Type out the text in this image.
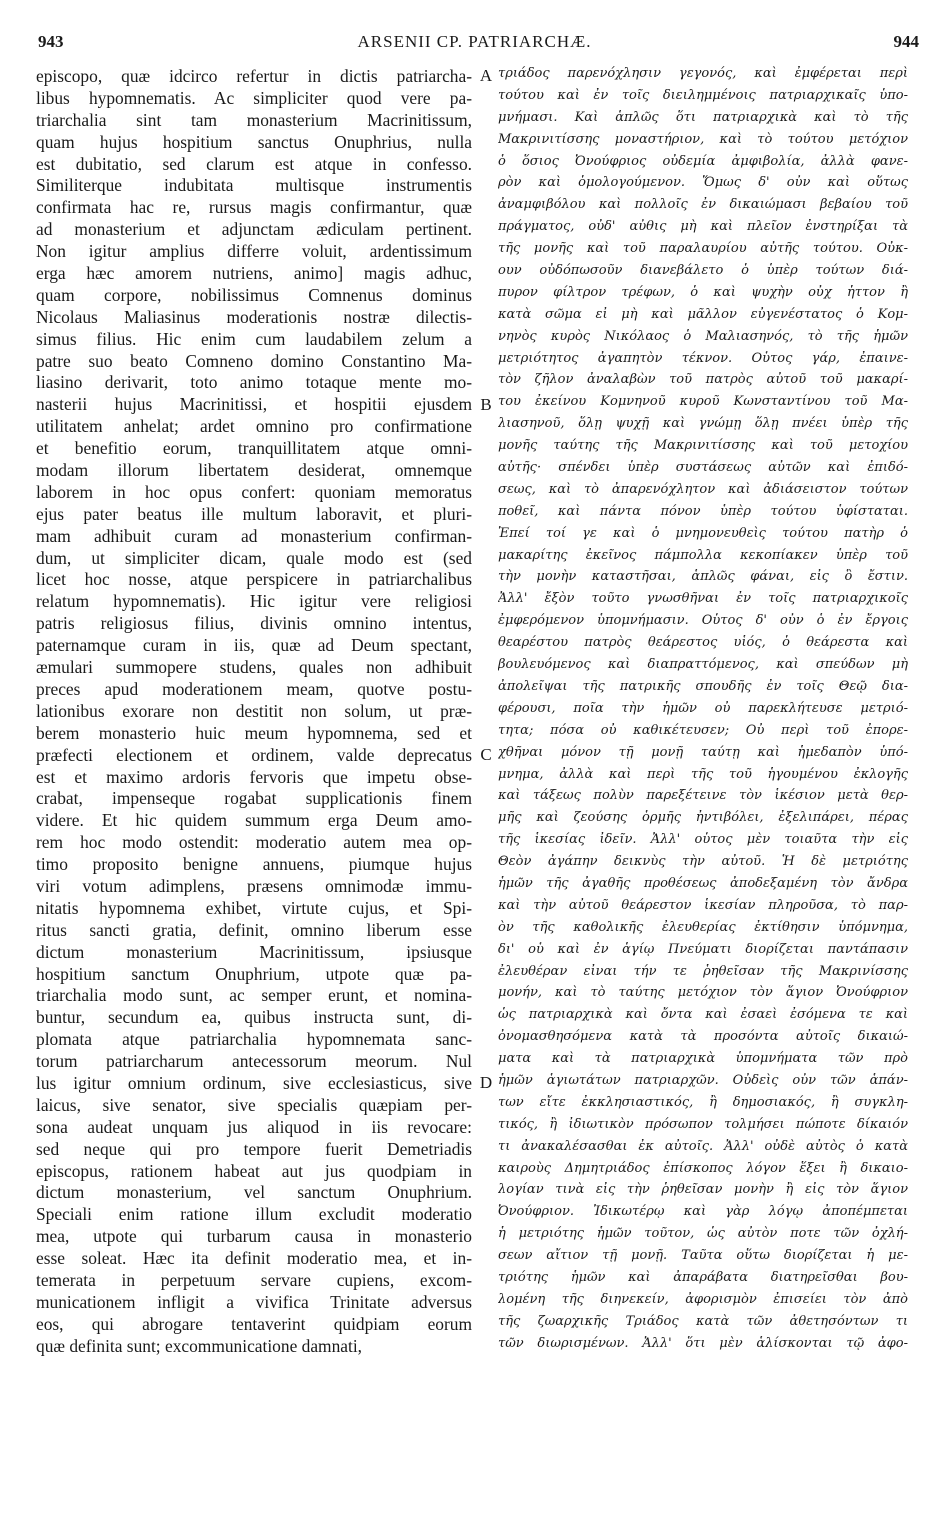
943	ARSENII CP. PATRIARCHÆ.	944
episcopo, quæ idcirco refertur in dictis patriarcha-
libus hypomnematis. Ac simpliciter quod vere pa-
triarchalia sint tam monasterium Macrinitissum,
quam hujus hospitium sanctus Onuphrius, nulla
est dubitatio, sed clarum est atque in confesso.
Similiterque indubitata multisque instrumentis
confirmata hac re, rursus magis confirmantur, quæ
ad monasterium et adjunctam ædiculam pertinent.
Non igitur amplius differre voluit, ardentissimum
erga hæc amorem nutriens, animo] magis adhuc,
quam corpore, nobilissimus Comnenus dominus
Nicolaus Maliasinus moderationis nostræ dilectis-
simus filius. Hic enim cum laudabilem zelum a
patre suo beato Comneno domino Constantino Ma-
liasino derivarit, toto animo totaque mente mo-
nasterii hujus Macrinitissi, et hospitii ejusdem
utilitatem anhelat; ardet omnino pro confirmatione
et benefitio eorum, tranquillitatem atque omni-
modam illorum libertatem desiderat, omnemque
laborem in hoc opus confert: quoniam memoratus
ejus pater beatus ille multum laboravit, et pluri-
mam adhibuit curam ad monasterium confirman-
dum, ut simpliciter dicam, quale modo est (sed
licet hoc nosse, atque perspicere in patriarchalibus
relatum hypomnematis). Hic igitur vere religiosi
patris religiosus filius, divinis omnino intentus,
paternamque curam in iis, quæ ad Deum spectant,
æmulari summopere studens, quales non adhibuit
preces apud moderationem meam, quotve postu-
lationibus exorare non destitit non solum, ut præ-
berem monasterio huic meum hypomnema, sed et
præfecti electionem et ordinem, valde deprecatus
est et maximo ardoris fervoris que impetu obse-
crabat, impenseque rogabat supplicationis finem
videre. Et hic quidem summum erga Deum amo-
rem hoc modo ostendit: moderatio autem mea op-
timo proposito benigne annuens, piumque hujus
viri votum adimplens, præsens omnimodæ immu-
nitatis hypomnema exhibet, virtute cujus, et Spi-
ritus sancti gratia, definit, omnino liberum esse
dictum monasterium Macrinitissum, ipsiusque
hospitium sanctum Onuphrium, utpote quæ pa-
triarchalia modo sunt, ac semper erunt, et nomina-
buntur, secundum ea, quibus instructa sunt, di-
plomata atque patriarchalia hypomnemata sanc-
torum patriarcharum antecessorum meorum. Nul
lus igitur omnium ordinum, sive ecclesiasticus, sive
laicus, sive senator, sive specialis quæpiam per-
sona audeat unquam jus aliquod in iis revocare:
sed neque qui pro tempore fuerit Demetriadis
episcopus, rationem habeat aut jus quodpiam in
dictum monasterium, vel sanctum Onuphrium.
Speciali enim ratione illum excludit moderatio
mea, utpote qui turbarum causa in monasterio
esse soleat. Hæc ita definit moderatio mea, et in-
temerata in perpetuum servare cupiens, excom-
municationem infligit a vivifica Trinitate adversus
eos, qui abrogare tentaverint quidpiam eorum
quæ definita sunt; excommunicatione damnati,
τριάδος παρενόχλησιν γεγονός, καὶ ἐμφέρεται περὶ
τούτου καὶ ἐν τοῖς διειλημμένοις πατριαρχικαῖς ὑπο-
μνήμασι. Καὶ ἁπλῶς ὅτι πατριαρχικὰ καὶ τὸ τῆς
Μακρινιτίσσης μοναστήριον, καὶ τὸ τούτου μετόχιον
ὁ ὅσιος Ὀνούφριος οὐδεμία ἀμφιβολία, ἀλλὰ φανε-
ρὸν καὶ ὁμολογούμενον. Ὅμως δ' οὖν καὶ οὕτως
ἀναμφιβόλου καὶ πολλοῖς ἐν δικαιώμασι βεβαίου τοῦ
πράγματος, οὐδ' αὖθις μὴ καὶ πλεῖον ἐνστηρίξαι τὰ
τῆς μονῆς καὶ τοῦ παραλαυρίου αὐτῆς τούτου. Οὐκ-
ουν οὐδόπωσοῦν διανεβάλετο ὁ ὑπὲρ τούτων διά-
πυρον φίλτρον τρέφων, ὁ καὶ ψυχὴν οὐχ ἧττον ἢ
κατὰ σῶμα εἰ μὴ καὶ μᾶλλον εὐγενέστατος ὁ Κομ-
νηνὸς κυρὸς Νικόλαος ὁ Μαλιασηνός, τὸ τῆς ἡμῶν
μετριότητος ἀγαπητὸν τέκνον. Οὗτος γάρ, ἐπαινε-
τὸν ζῆλον ἀναλαβὼν τοῦ πατρὸς αὐτοῦ τοῦ μακαρί-
του ἐκείνου Κομνηνοῦ κυροῦ Κωνσταντίνου τοῦ Μα-
λιασηνοῦ, ὅλῃ ψυχῇ καὶ γνώμῃ ὅλῃ πνέει ὑπὲρ τῆς
μονῆς ταύτης τῆς Μακρινιτίσσης καὶ τοῦ μετοχίου
αὐτῆς· σπένδει ὑπὲρ συστάσεως αὐτῶν καὶ ἐπιδό-
σεως, καὶ τὸ ἀπαρενόχλητον καὶ ἀδιάσειστον τούτων
ποθεῖ, καὶ πάντα πόνον ὑπὲρ τούτου ὑφίσταται.
Ἐπεί τοί γε καὶ ὁ μνημονευθεὶς τούτου πατὴρ ὁ
μακαρίτης ἐκεῖνος πάμπολλα κεκοπίακεν ὑπὲρ τοῦ
τὴν μονὴν καταστῆσαι, ἁπλῶς φάναι, εἰς ὃ ἔστιν.
Ἀλλ' ἔξὸν τοῦτο γνωσθῆναι ἐν τοῖς πατριαρχικοῖς
ἐμφερόμενον ὑπομνήμασιν. Οὗτος δ' οὖν ὁ ἐν ἔργοις
θεαρέστου πατρὸς θεάρεστος υἱός, ὁ θεάρεστα καὶ
βουλευόμενος καὶ διαπραττόμενος, καὶ σπεύδων μὴ
ἀπολεῖψαι τῆς πατρικῆς σπουδῆς ἐν τοῖς Θεῷ δια-
φέρουσι, ποῖα τὴν ἡμῶν οὐ παρεκλήτευσε μετριό-
τητα; πόσα οὐ καθικέτευσεν; Οὐ περὶ τοῦ ἐπορε-
χθῆναι μόνον τῇ μονῇ ταύτῃ καὶ ἡμεδαπὸν ὑπό-
μνημα, ἀλλὰ καὶ περὶ τῆς τοῦ ἡγουμένου ἐκλογῆς
καὶ τάξεως πολὺν παρεξέτεινε τὸν ἱκέσιον μετὰ θερ-
μῆς καὶ ζεούσης ὁρμῆς ἠντιβόλει, ἐξελιπάρει, πέρας
τῆς ἱκεσίας ἰδεῖν. Ἀλλ' οὗτος μὲν τοιαῦτα τὴν εἰς
Θεὸν ἀγάπην δεικνὺς τὴν αὐτοῦ. Ἡ δὲ μετριότης
ἡμῶν τῆς ἀγαθῆς προθέσεως ἀποδεξαμένη τὸν ἄνδρα
καὶ τὴν αὐτοῦ θεάρεστον ἱκεσίαν πληροῦσα, τὸ παρ-
ὸν τῆς καθολικῆς ἐλευθερίας ἐκτίθησιν ὑπόμνημα,
δι' οὗ καὶ ἐν ἁγίῳ Πνεύματι διορίζεται παντάπασιν
ἐλευθέραν εἶναι τήν τε ῥηθεῖσαν τῆς Μακρινίσσης
μονήν, καὶ τὸ ταύτης μετόχιον τὸν ἅγιον Ὀνούφριον
ὡς πατριαρχικὰ καὶ ὄντα καὶ ἐσαεὶ ἐσόμενα τε καὶ
ὀνομασθησόμενα κατὰ τὰ προσόντα αὐτοῖς δικαιώ-
ματα καὶ τὰ πατριαρχικὰ ὑπομνήματα τῶν πρὸ
ἡμῶν ἁγιωτάτων πατριαρχῶν. Οὐδεὶς οὖν τῶν ἁπάν-
των εἴτε ἐκκλησιαστικός, ἢ δημοσιακός, ἢ συγκλη-
τικός, ἢ ἰδιωτικὸν πρόσωπον τολμήσει πώποτε δίκαιόν
τι ἀνακαλέσασθαι ἐκ αὐτοῖς. Ἀλλ' οὐδὲ αὐτὸς ὁ κατὰ
καιροὺς Δημητριάδος ἐπίσκοπος λόγον ἕξει ἢ δικαιο-
λογίαν τινὰ εἰς τὴν ῥηθεῖσαν μονὴν ἢ εἰς τὸν ἅγιον
Ὀνούφριον. Ἰδικωτέρῳ καὶ γὰρ λόγῳ ἀποπέμπεται
ἡ μετριότης ἡμῶν τοῦτον, ὡς αὐτὸν ποτε τῶν ὀχλή-
σεων αἴτιον τῇ μονῇ. Ταῦτα οὕτω διορίζεται ἡ με-
τριότης ἡμῶν καὶ ἀπαράβατα διατηρεῖσθαι βου-
λομένη τῆς διηνεκείν, ἀφορισμὸν ἐπισείει τὸν ἀπὸ
τῆς ζωαρχικῆς Τριάδος κατὰ τῶν ἀθετησόντων τι
τῶν διωρισμένων. Ἀλλ' ὅτι μὲν ἁλίσκονται τῷ ἀφο-
A
B
C
D
